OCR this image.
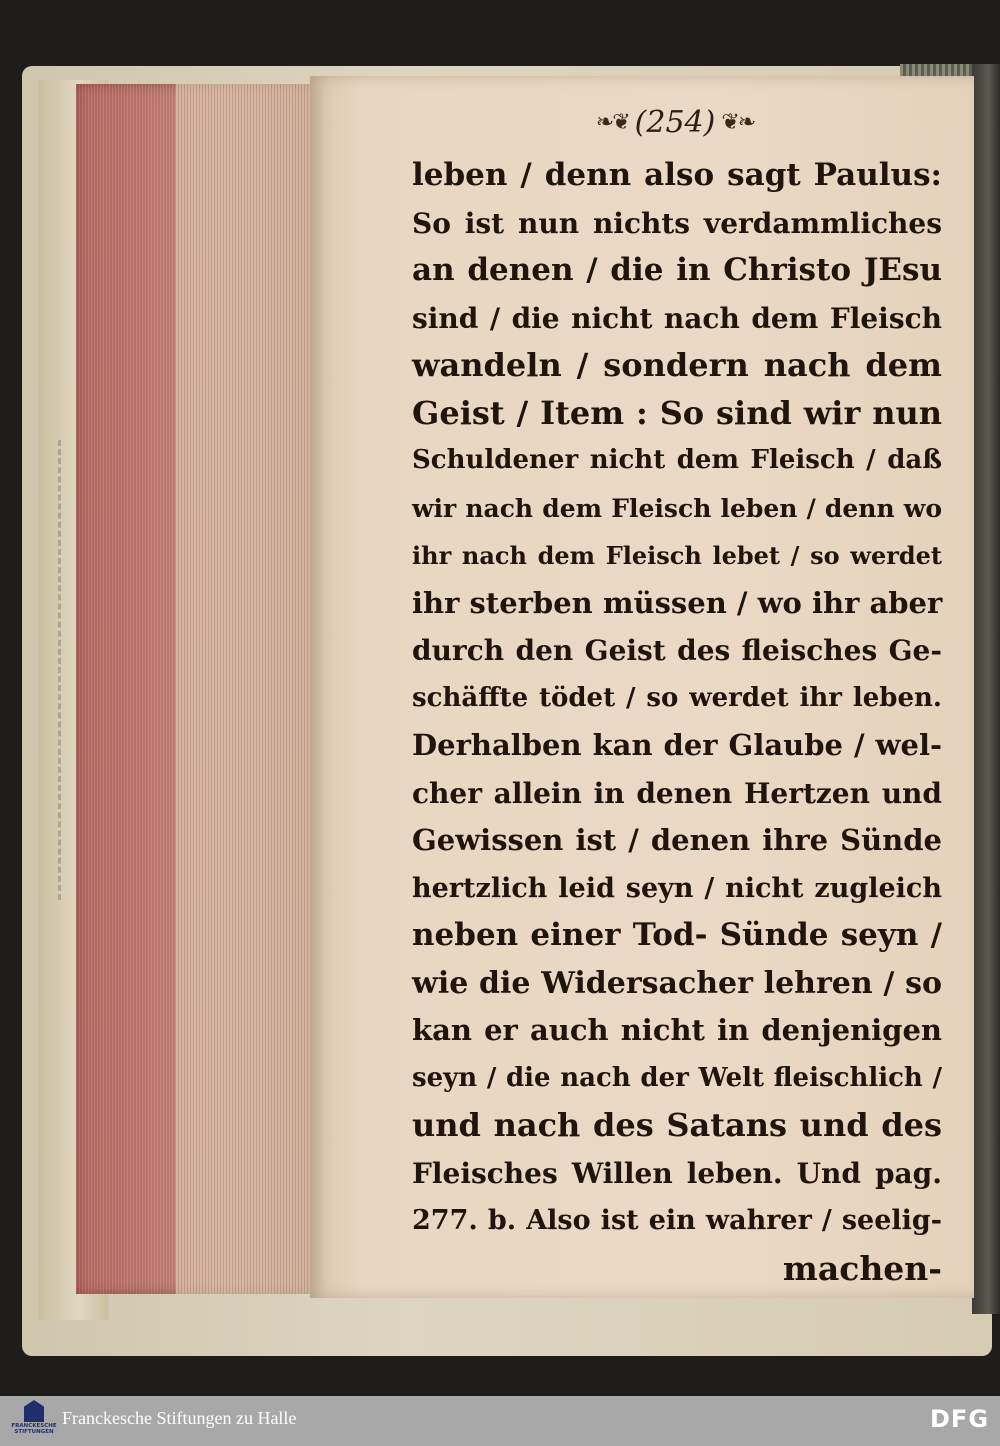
❧❦ (254) ❦❧
leben / denn also sagt Paulus:
So ist nun nichts verdammliches
an denen / die in Christo JEsu
sind / die nicht nach dem Fleisch
wandeln / sondern nach dem
Geist / Item : So sind wir nun
Schuldener nicht dem Fleisch / daß
wir nach dem Fleisch leben / denn wo
ihr nach dem Fleisch lebet / so werdet
ihr sterben müssen / wo ihr aber
durch den Geist des fleisches Ge-
schäffte tödet / so werdet ihr leben.
Derhalben kan der Glaube / wel-
cher allein in denen Hertzen und
Gewissen ist / denen ihre Sünde
hertzlich leid seyn / nicht zugleich
neben einer Tod- Sünde seyn /
wie die Widersacher lehren / so
kan er auch nicht in denjenigen
seyn / die nach der Welt fleischlich /
und nach des Satans und des
Fleisches Willen leben. Und pag.
277. b. Also ist ein wahrer / seelig-
machen-
FRANCKESCHE STIFTUNGEN
Franckesche Stiftungen zu Halle	DFG
